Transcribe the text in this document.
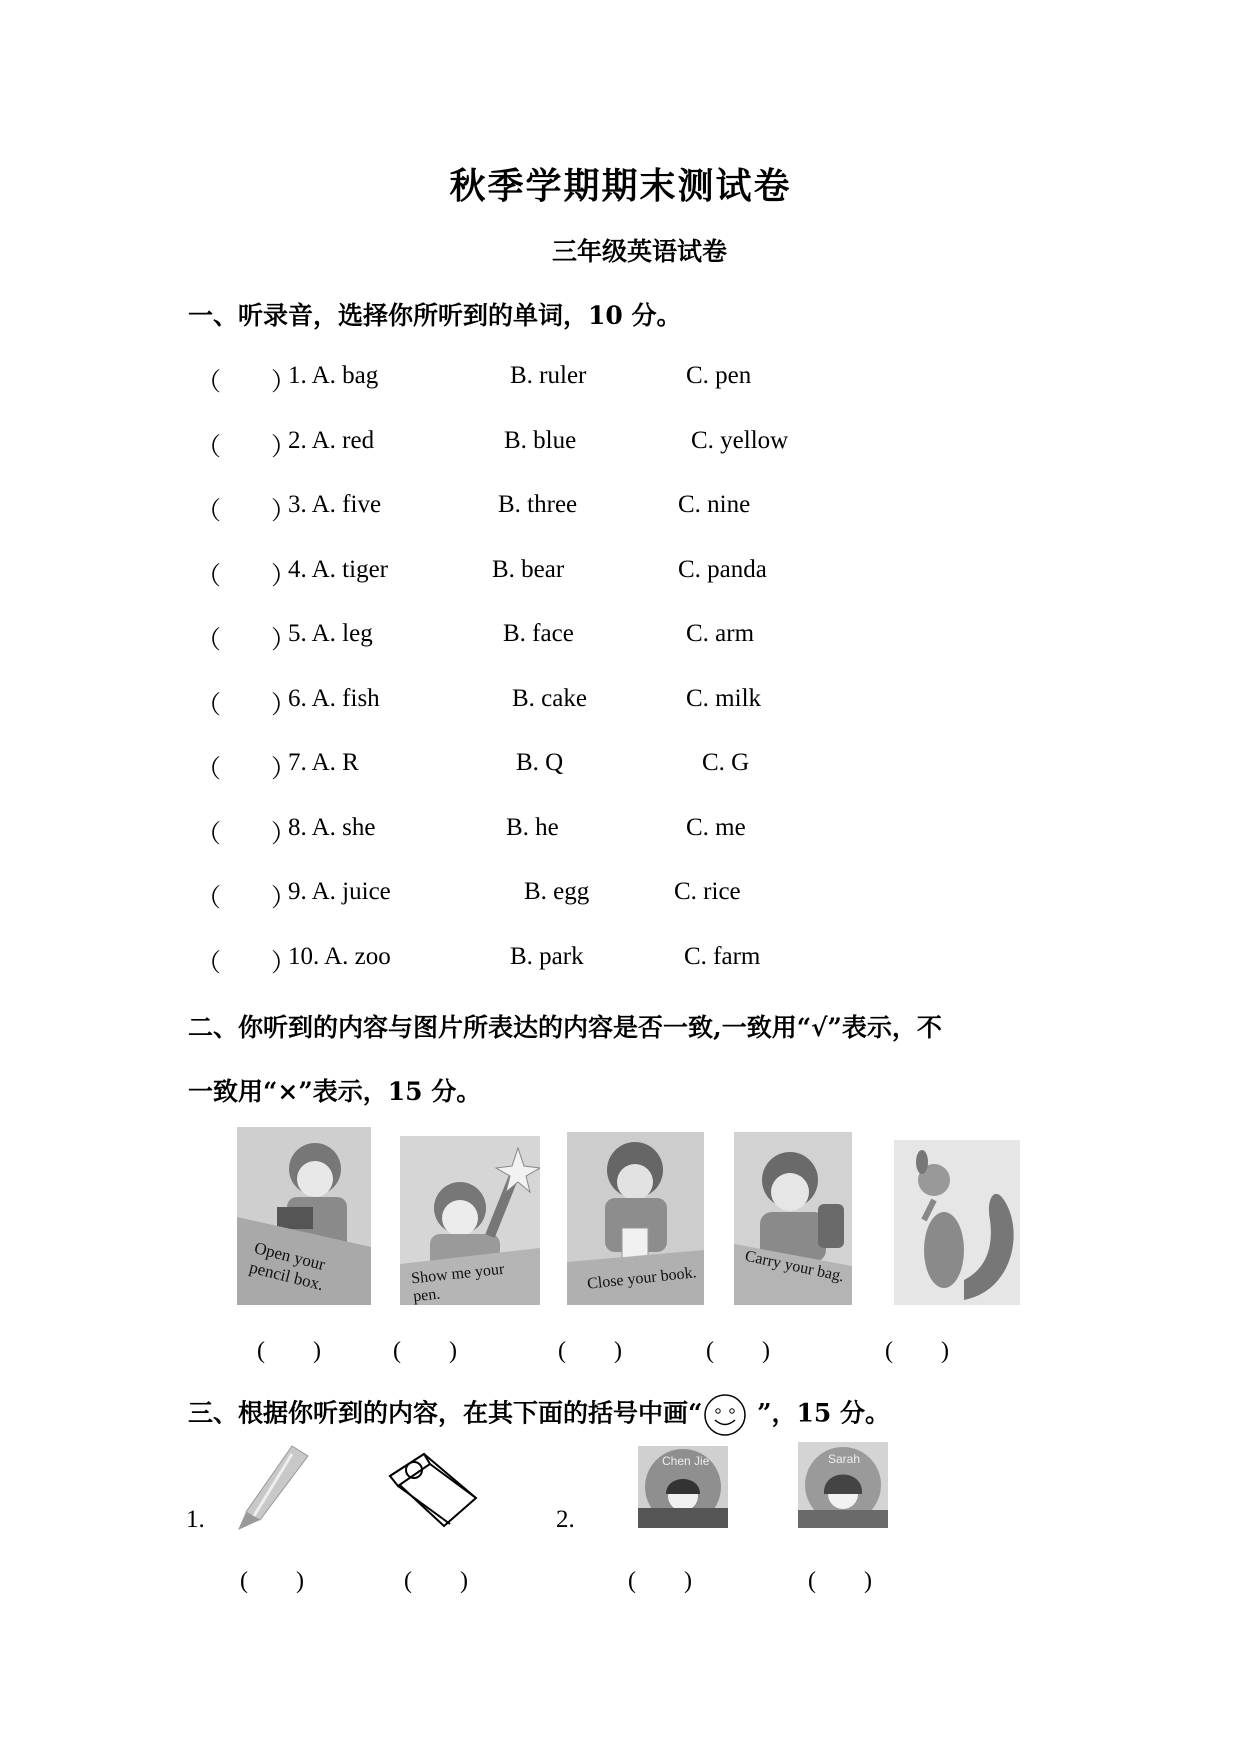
秋季学期期末测试卷
三年级英语试卷
一、听录音，选择你所听到的单词，10 分。
（　　）
1. A. bag	B. ruler	C. pen
（　　）
2. A. red	B. blue	C. yellow
（　　）
3. A. five	B. three	C. nine
（　　）
4. A. tiger	B. bear	C. panda
（　　）
5. A. leg	B. face	C. arm
（　　）
6. A. fish	B. cake	C. milk
（　　）
7. A. R	B. Q	C. G
（　　）
8. A. she	B. he	C. me
（　　）
9. A. juice	B. egg	C. rice
（　　）
10. A. zoo	B. park	C. farm
二、你听到的内容与图片所表达的内容是否一致,一致用“√”表示，不
一致用“×”表示，15 分。
Open your pencil box.	Show me your pen.
Close your book.	Carry your bag.
(　　)	(　　)	(　　)	(　　)	(　　)
三、根据你听到的内容，在其下面的括号中画“ ”，15 分。
1.	2.
Chen Jie	Sarah
(　　)	(　　)	(　　)	(　　)
